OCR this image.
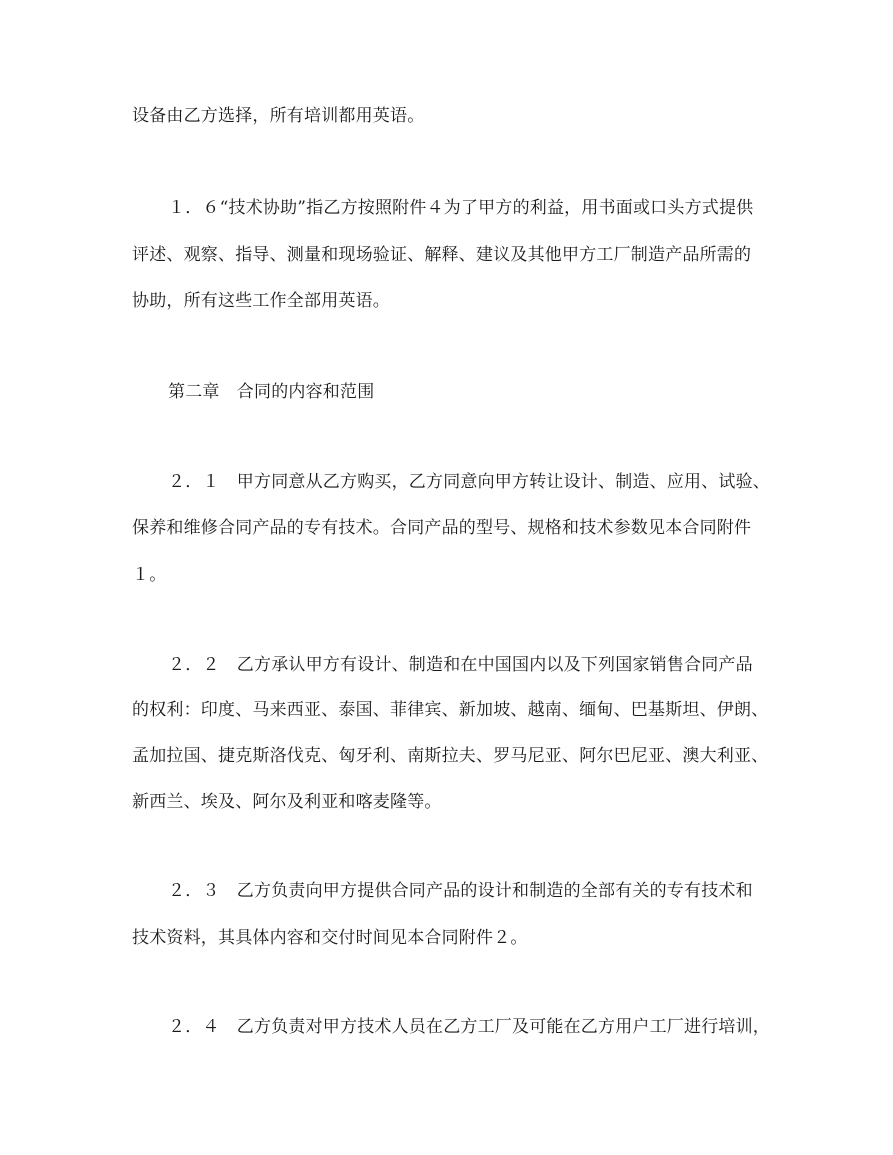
设备由乙方选择，所有培训都用英语。
１．６“技术协助”指乙方按照附件４为了甲方的利益，用书面或口头方式提供
评述、观察、指导、测量和现场验证、解释、建议及其他甲方工厂制造产品所需的
协助，所有这些工作全部用英语。
第二章　合同的内容和范围
２．１　甲方同意从乙方购买，乙方同意向甲方转让设计、制造、应用、试验、
保养和维修合同产品的专有技术。合同产品的型号、规格和技术参数见本合同附件
１。
２．２　乙方承认甲方有设计、制造和在中国国内以及下列国家销售合同产品
的权利：印度、马来西亚、泰国、菲律宾、新加坡、越南、缅甸、巴基斯坦、伊朗、
孟加拉国、捷克斯洛伐克、匈牙利、南斯拉夫、罗马尼亚、阿尔巴尼亚、澳大利亚、
新西兰、埃及、阿尔及利亚和喀麦隆等。
２．３　乙方负责向甲方提供合同产品的设计和制造的全部有关的专有技术和
技术资料，其具体内容和交付时间见本合同附件２。
２．４　乙方负责对甲方技术人员在乙方工厂及可能在乙方用户工厂进行培训，
